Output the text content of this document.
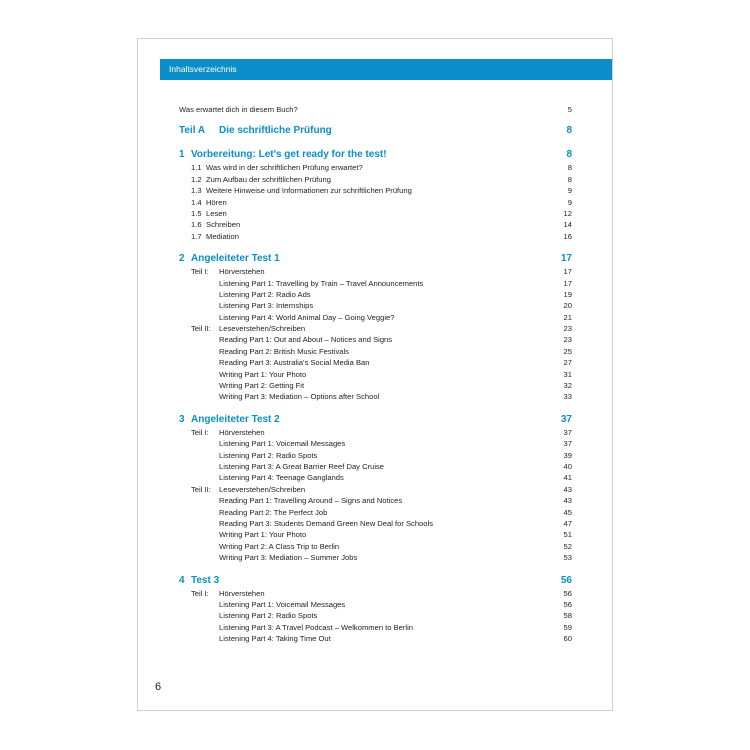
Inhaltsverzeichnis
Was erwartet dich in diesem Buch?	5
Teil A Die schriftliche Prüfung	8
1 Vorbereitung: Let's get ready for the test!	8
1.1 Was wird in der schriftlichen Prüfung erwartet?	8
1.2 Zum Aufbau der schriftlichen Prüfung	8
1.3 Weitere Hinweise und Informationen zur schriftlichen Prüfung	9
1.4 Hören	9
1.5 Lesen	12
1.6 Schreiben	14
1.7 Mediation	16
2 Angeleiteter Test 1	17
Teil I: Hörverstehen	17
Listening Part 1: Travelling by Train – Travel Announcements	17
Listening Part 2: Radio Ads	19
Listening Part 3: Internships	20
Listening Part 4: World Animal Day – Going Veggie?	21
Teil II: Leseverstehen/Schreiben	23
Reading Part 1: Out and About – Notices and Signs	23
Reading Part 2: British Music Festivals	25
Reading Part 3: Australia's Social Media Ban	27
Writing Part 1: Your Photo	31
Writing Part 2: Getting Fit	32
Writing Part 3: Mediation – Options after School	33
3 Angeleiteter Test 2	37
Teil I: Hörverstehen	37
Listening Part 1: Voicemail Messages	37
Listening Part 2: Radio Spots	39
Listening Part 3: A Great Barrier Reef Day Cruise	40
Listening Part 4: Teenage Ganglands	41
Teil II: Leseverstehen/Schreiben	43
Reading Part 1: Travelling Around – Signs and Notices	43
Reading Part 2: The Perfect Job	45
Reading Part 3: Students Demand Green New Deal for Schools	47
Writing Part 1: Your Photo	51
Writing Part 2: A Class Trip to Berlin	52
Writing Part 3: Mediation – Summer Jobs	53
4 Test 3	56
Teil I: Hörverstehen	56
Listening Part 1: Voicemail Messages	56
Listening Part 2: Radio Spots	58
Listening Part 3: A Travel Podcast – Welkommen to Berlin	59
Listening Part 4: Taking Time Out	60
6
